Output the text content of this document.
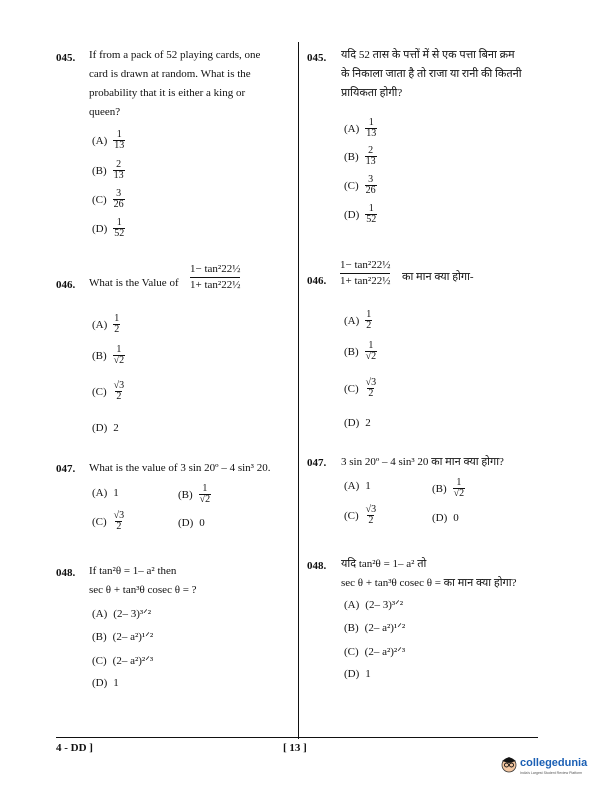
045. If from a pack of 52 playing cards, one
card is drawn at random. What is the
probability that it is either a king or
queen?
$(A) \frac{1}{13}$
$(B) \frac{2}{13}$
$(C) \frac{3}{26}$
$(D) \frac{1}{52}$
046. What is the Value of $\frac{\text{1− tan²22½}}{\text{1+ tan²22½}}$
$(A) \frac{1}{2}$
$(B) \frac{1}{√2}$
$(C) \frac{√3}{2}$
(D) 2
047. What is the value of 3 sin 20º – 4 sin³ 20.
(A) 1	$(B) \frac{1}{√2}$
$(C) \frac{√3}{2}$	(D) 0
048. If tan²θ = 1– a² then
sec θ + tan³θ cosec θ = ?
(A) (2– 3)³ᐟ²
(B) (2– a²)¹ᐟ²
(C) (2– a²)²ᐟ³
(D) 1
045. यदि 52 तास के पत्तों में से एक पत्ता बिना क्रम
के निकाला जाता है तो राजा या रानी की कितनी
प्रायिकता होगी?
$(A) \frac{1}{13}$
$(B) \frac{2}{13}$
$(C) \frac{3}{26}$
$(D) \frac{1}{52}$
046. $\frac{\text{1− tan²22½}}{\text{1+ tan²22½}}$ का मान क्या होगा-
$(A) \frac{1}{2}$
$(B) \frac{1}{√2}$
$(C) \frac{√3}{2}$
(D) 2
047. 3 sin 20º – 4 sin³ 20 का मान क्या होगा?
(A) 1	$(B) \frac{1}{√2}$
$(C) \frac{√3}{2}$	(D) 0
048. यदि tan²θ = 1– a² तो
sec θ + tan³θ cosec θ = का मान क्या होगा?
(A) (2– 3)³ᐟ²
(B) (2– a²)¹ᐟ²
(C) (2– a²)²ᐟ³
(D) 1
4 - DD ]	[ 13 ]
collegedunia
India's Largest Student Review Platform
